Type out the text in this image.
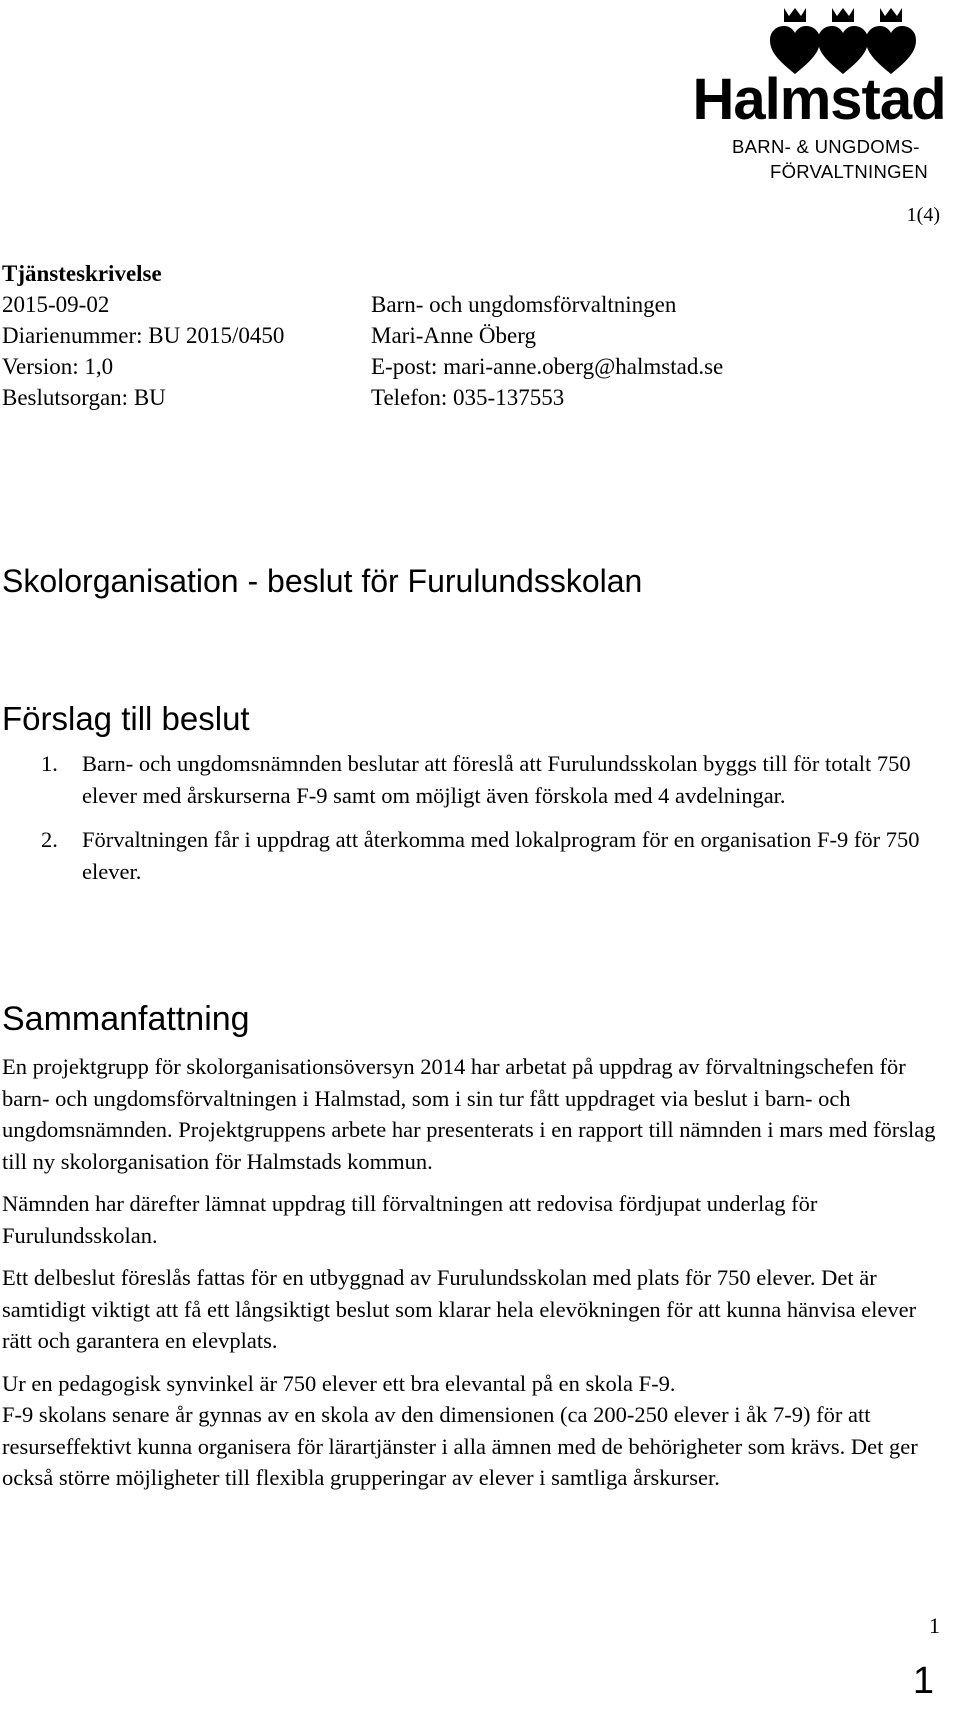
Halmstad
BARN- & UNGDOMS-
FÖRVALTNINGEN
1(4)
Tjänsteskrivelse
2015-09-02	Barn- och ungdomsförvaltningen
Diarienummer: BU 2015/0450	Mari-Anne Öberg
Version: 1,0	E-post: mari-anne.oberg@halmstad.se
Beslutsorgan: BU	Telefon: 035-137553
Skolorganisation - beslut för Furulundsskolan
Förslag till beslut
1. Barn- och ungdomsnämnden beslutar att föreslå att Furulundsskolan byggs till för totalt 750 elever med årskurserna F-9 samt om möjligt även förskola med 4 avdelningar.
2. Förvaltningen får i uppdrag att återkomma med lokalprogram för en organisation F-9 för 750 elever.
Sammanfattning

En projektgrupp för skolorganisationsöversyn 2014 har arbetat på uppdrag av förvaltningschefen för barn- och ungdomsförvaltningen i Halmstad, som i sin tur fått uppdraget via beslut i barn- och ungdomsnämnden. Projektgruppens arbete har presenterats i en rapport till nämnden i mars med förslag till ny skolorganisation för Halmstads kommun.

Nämnden har därefter lämnat uppdrag till förvaltningen att redovisa fördjupat underlag för Furulundsskolan.

Ett delbeslut föreslås fattas för en utbyggnad av Furulundsskolan med plats för 750 elever. Det är samtidigt viktigt att få ett långsiktigt beslut som klarar hela elevökningen för att kunna hänvisa elever rätt och garantera en elevplats.

Ur en pedagogisk synvinkel är 750 elever ett bra elevantal på en skola F-9.

F-9 skolans senare år gynnas av en skola av den dimensionen (ca 200-250 elever i åk 7-9) för att resurseffektivt kunna organisera för lärartjänster i alla ämnen med de behörigheter som krävs. Det ger också större möjligheter till flexibla grupperingar av elever i samtliga årskurser.

1
1
